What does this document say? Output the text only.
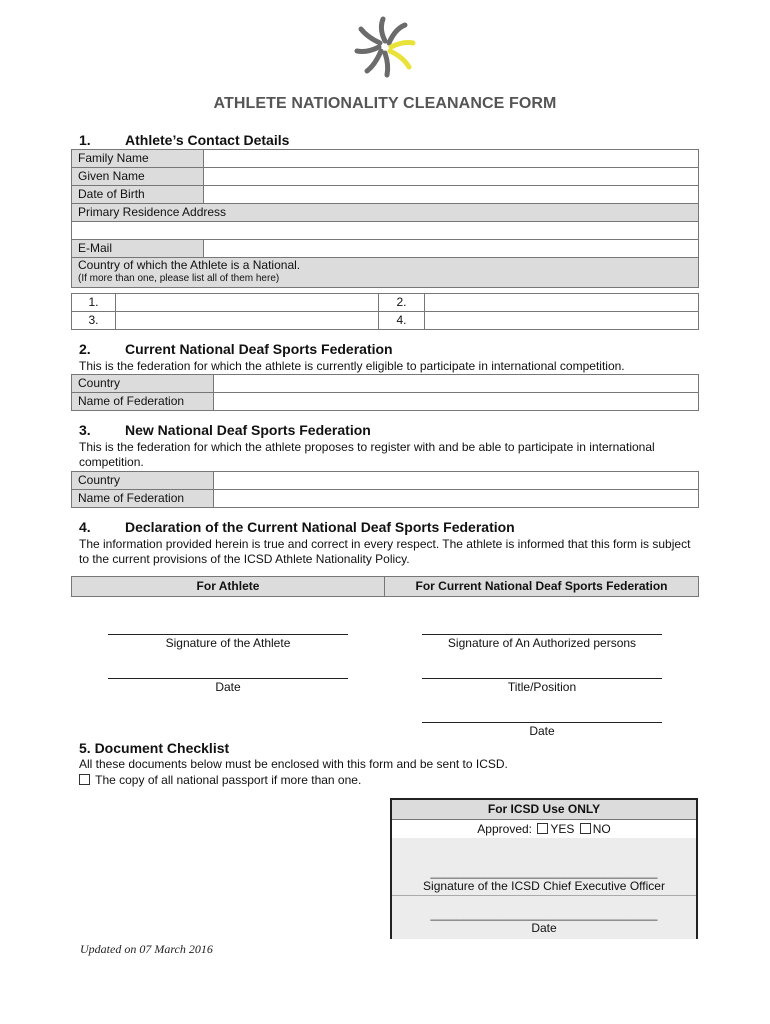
ATHLETE NATIONALITY CLEANANCE FORM
1. Athlete’s Contact Details
Family Name	
Given Name	
Date of Birth	
Primary Residence Address	

E-Mail	

Country of which the Athlete is a National.
(If more than one, please list all of them here)	
1.		2.	
3.		4.	
2. Current National Deaf Sports Federation
This is the federation for which the athlete is currently eligible to participate in international competition.
Country	
Name of Federation	
3. New National Deaf Sports Federation
This is the federation for which the athlete proposes to register with and be able to participate in international competition.
Country	
Name of Federation	
4. Declaration of the Current National Deaf Sports Federation
The information provided herein is true and correct in every respect. The athlete is informed that this form is subject to the current provisions of the ICSD Athlete Nationality Policy.
For Athlete	For Current National Deaf Sports Federation
Signature of the Athlete	Signature of An Authorized persons
Date	Title/Position
Date
5. Document Checklist
All these documents below must be enclosed with this form and be sent to ICSD.
The copy of all national passport if more than one.
For ICSD Use ONLY
Approved: YES NO
__________________________________
Signature of the ICSD Chief Executive Officer
__________________________________
Date
Updated on 07 March 2016
